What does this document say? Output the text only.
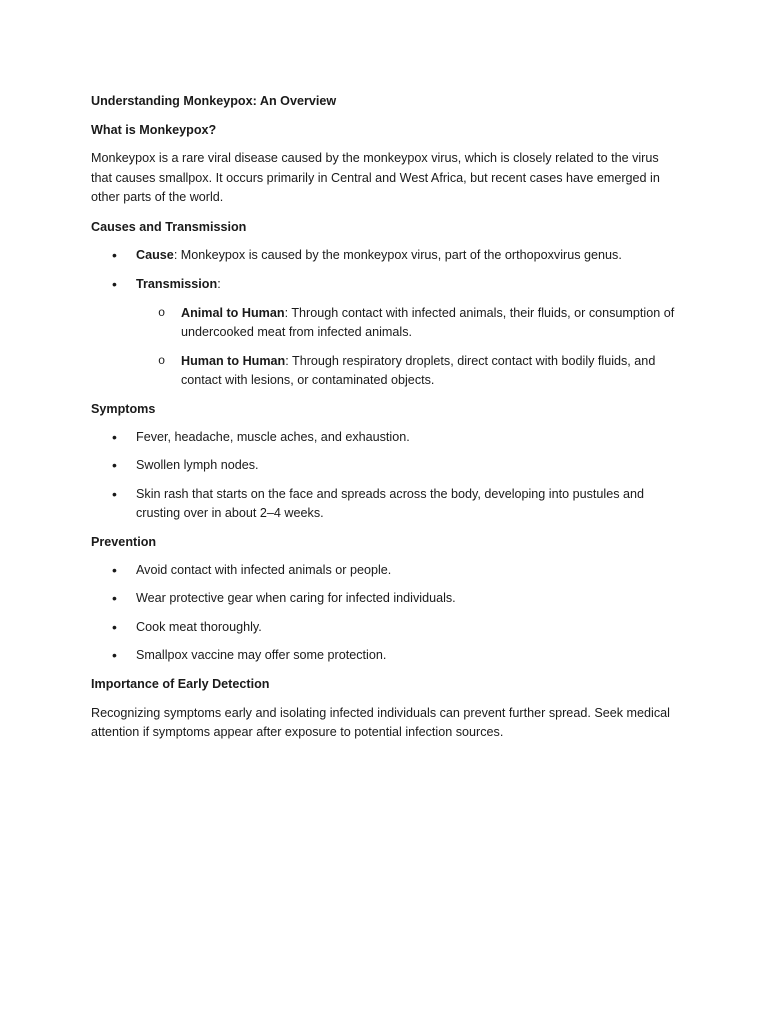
Understanding Monkeypox: An Overview
What is Monkeypox?

Monkeypox is a rare viral disease caused by the monkeypox virus, which is closely related to the virus that causes smallpox. It occurs primarily in Central and West Africa, but recent cases have emerged in other parts of the world.

Causes and Transmission
• Cause: Monkeypox is caused by the monkeypox virus, part of the orthopoxvirus genus.
• Transmission:
o Animal to Human: Through contact with infected animals, their fluids, or consumption of undercooked meat from infected animals.
o Human to Human: Through respiratory droplets, direct contact with bodily fluids, and contact with lesions, or contaminated objects.
Symptoms
• Fever, headache, muscle aches, and exhaustion.
• Swollen lymph nodes.
• Skin rash that starts on the face and spreads across the body, developing into pustules and crusting over in about 2–4 weeks.
Prevention
• Avoid contact with infected animals or people.
• Wear protective gear when caring for infected individuals.
• Cook meat thoroughly.
• Smallpox vaccine may offer some protection.
Importance of Early Detection

Recognizing symptoms early and isolating infected individuals can prevent further spread. Seek medical attention if symptoms appear after exposure to potential infection sources.
